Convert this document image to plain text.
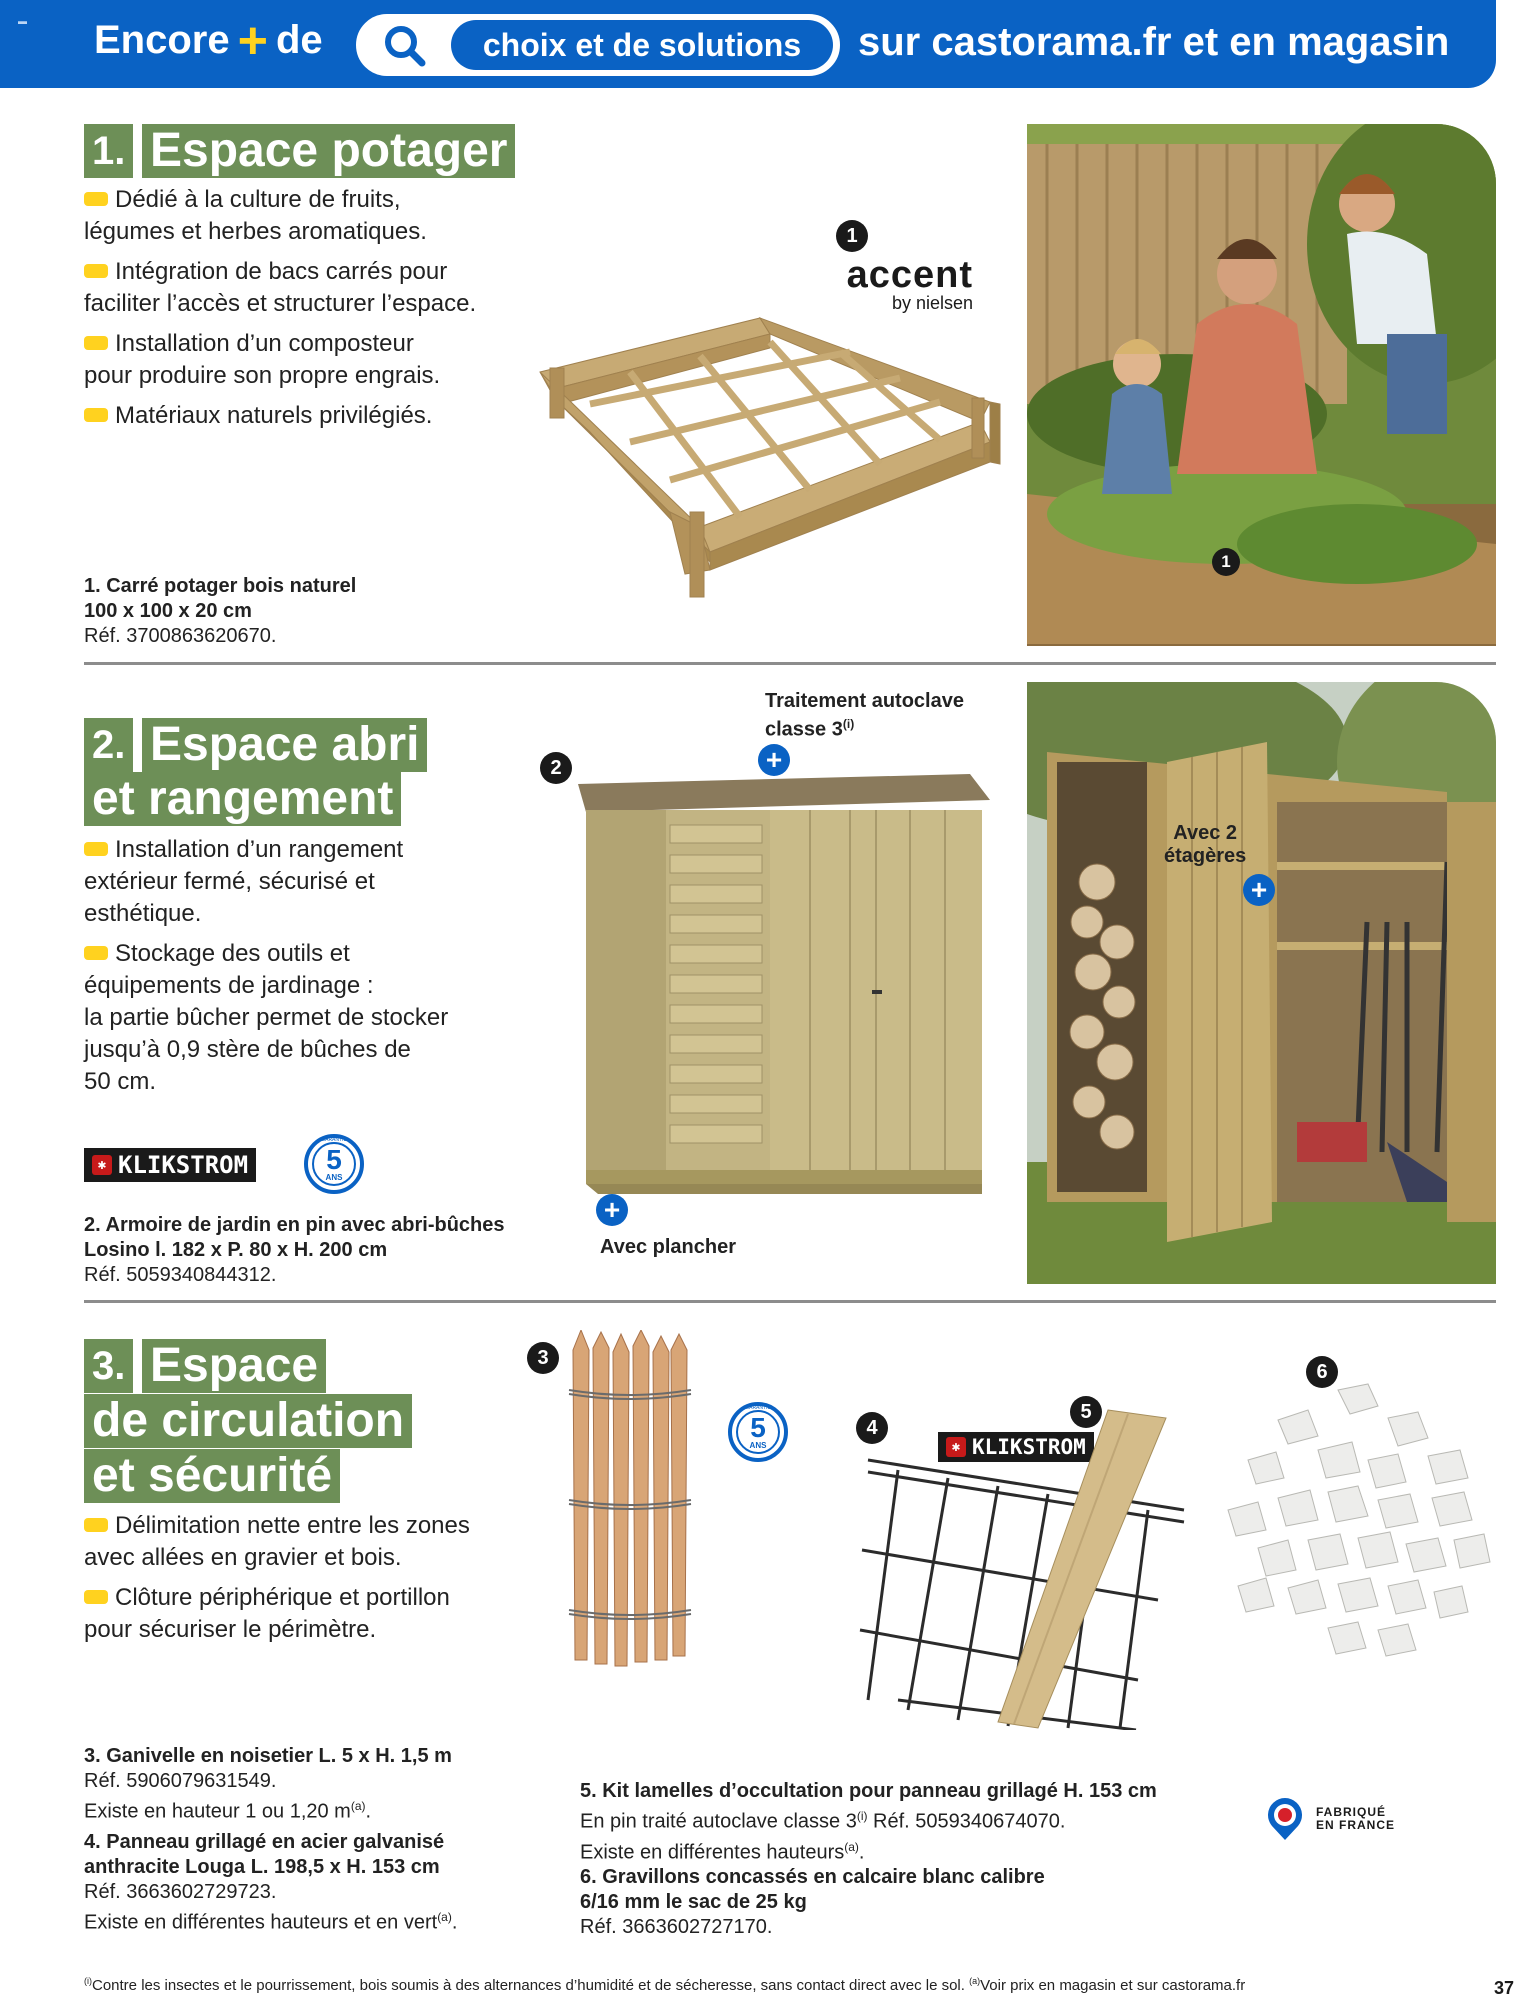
▬ Encore + de	choix et de solutions	sur castorama.fr et en magasin
1. Espace potager
Dédié à la culture de fruits,
légumes et herbes aromatiques.
Intégration de bacs carrés pour
faciliter l’accès et structurer l’espace.
Installation d’un composteur
pour produire son propre engrais.
Matériaux naturels privilégiés.
1
accent
by nielsen
1. Carré potager bois naturel
100 x 100 x 20 cm
Réf. 3700863620670.
1
2. Espace abri
et rangement
Installation d’un rangement
extérieur fermé, sécurisé et
esthétique.
Stockage des outils et
équipements de jardinage :
la partie bûcher permet de stocker
jusqu’à 0,9 stère de bûches de
50 cm.
✱ KLIKSTROM
GARANTIE
5
ANS
2
Traitement autoclave
classe $3^{(i)}$
+
+
Avec plancher
Avec 2
étagères
+
2. Armoire de jardin en pin avec abri-bûches
Losino l. 182 x P. 80 x H. 200 cm
Réf. 5059340844312.
3. Espace
de circulation
et sécurité
Délimitation nette entre les zones
avec allées en gravier et bois.
Clôture périphérique et portillon
pour sécuriser le périmètre.
3
GARANTIE
5
ANS
4
5
✱ KLIKSTROM
6
3. Ganivelle en noisetier L. 5 x H. 1,5 m
Réf. 5906079631549.
Existe en hauteur 1 ou 1,20 $m^{(a)}$.

4. Panneau grillagé en acier galvanisé
anthracite Louga L. 198,5 x H. 153 cm
Réf. 3663602729723.
Existe en différentes hauteurs et en vert$^{(a)}$.
5. Kit lamelles d’occultation pour panneau grillagé H. 153 cm
En pin traité autoclave classe 3$^{(i)}$ Réf. 5059340674070.
Existe en différentes hauteurs$^{(a)}$.
6. Gravillons concassés en calcaire blanc calibre
6/16 mm le sac de 25 kg
Réf. 3663602727170.
FABRIQUÉ
EN FRANCE
$^{(i)}$Contre les insectes et le pourrissement, bois soumis à des alternances d’humidité et de sécheresse, sans contact direct avec le sol. $^{(a)}$Voir prix en magasin et sur castorama.fr	37
